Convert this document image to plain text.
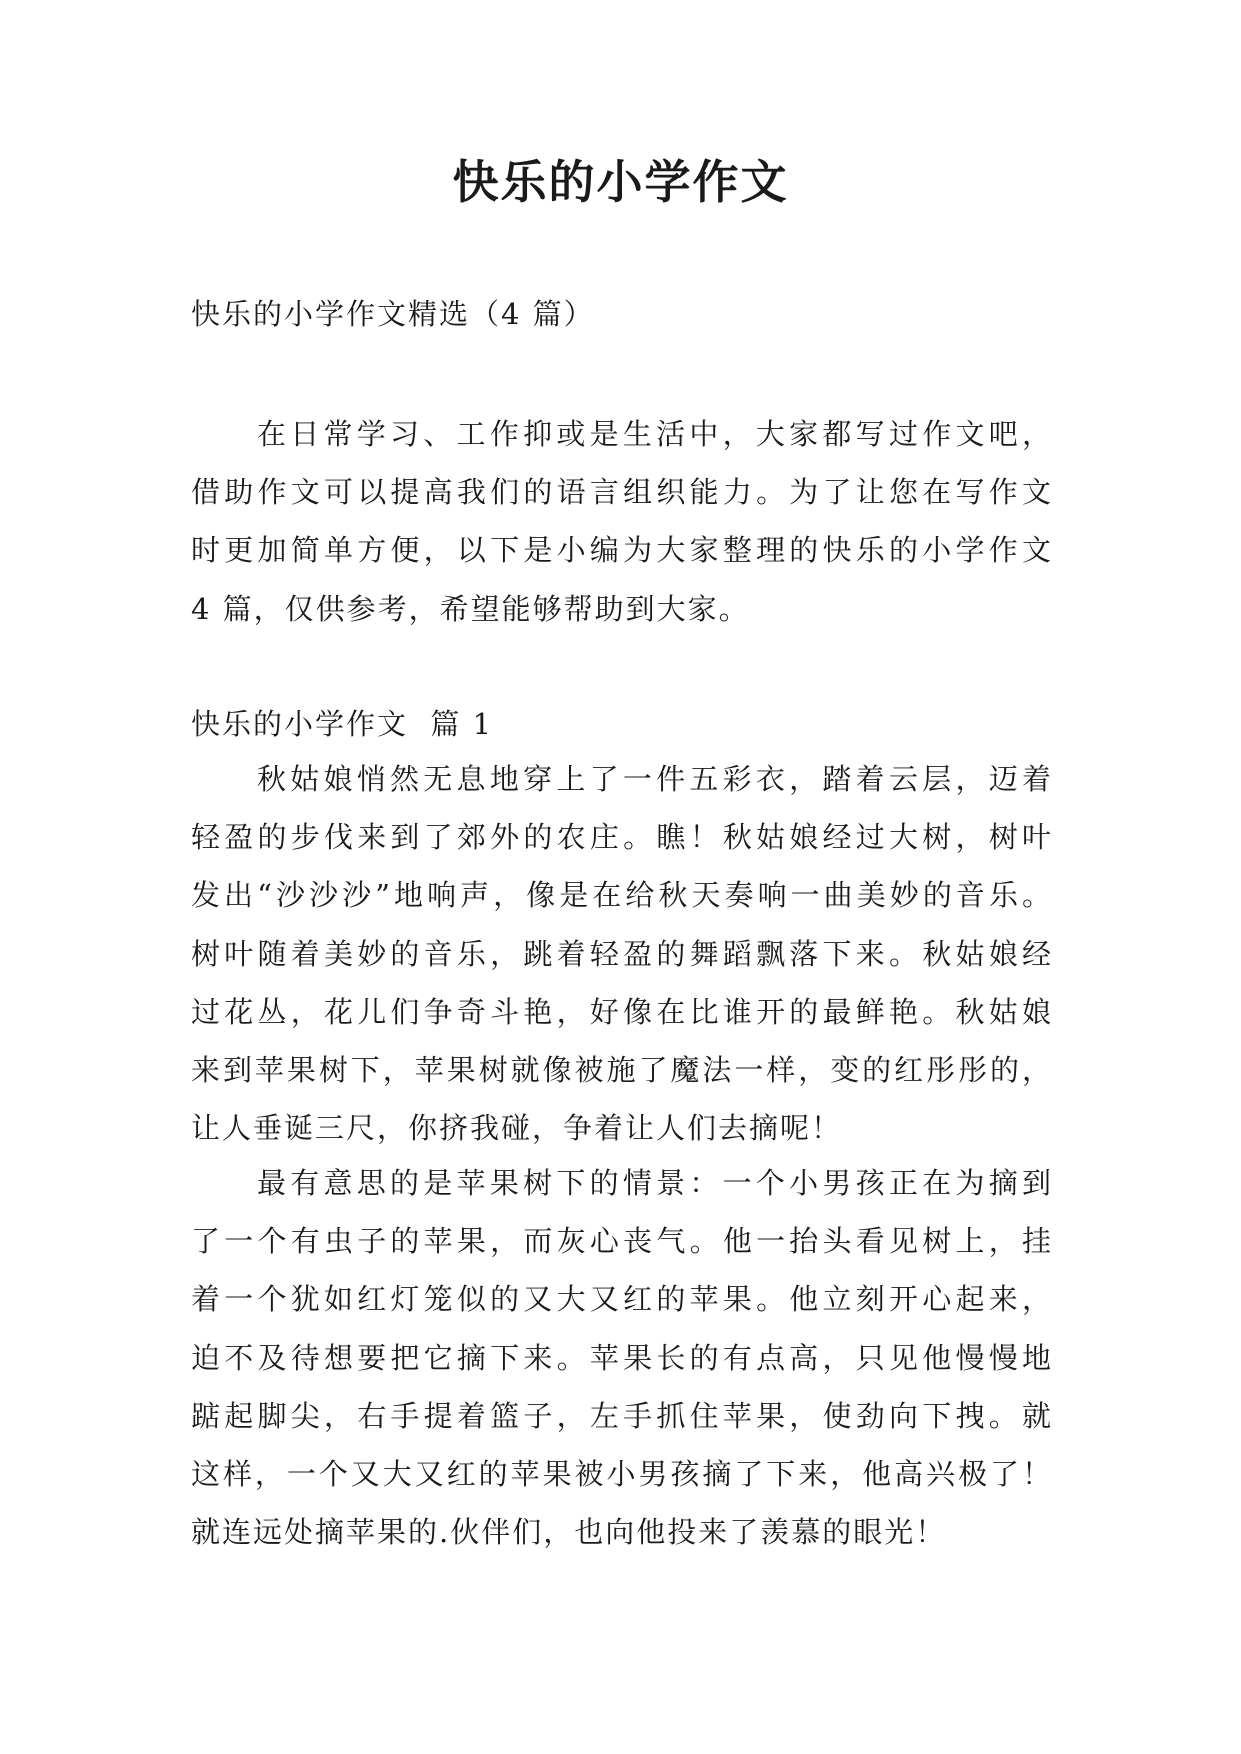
快乐的小学作文

快乐的小学作文精选（4 篇）

在日常学习、工作抑或是生活中，大家都写过作文吧，
借助作文可以提高我们的语言组织能力。为了让您在写作文
时更加简单方便，以下是小编为大家整理的快乐的小学作文
4 篇，仅供参考，希望能够帮助到大家。

快乐的小学作文  篇 1

秋姑娘悄然无息地穿上了一件五彩衣，踏着云层，迈着
轻盈的步伐来到了郊外的农庄。瞧！秋姑娘经过大树，树叶
发出“沙沙沙”地响声，像是在给秋天奏响一曲美妙的音乐。
树叶随着美妙的音乐，跳着轻盈的舞蹈飘落下来。秋姑娘经
过花丛，花儿们争奇斗艳，好像在比谁开的最鲜艳。秋姑娘
来到苹果树下，苹果树就像被施了魔法一样，变的红彤彤的，
让人垂诞三尺，你挤我碰，争着让人们去摘呢！
最有意思的是苹果树下的情景：一个小男孩正在为摘到
了一个有虫子的苹果，而灰心丧气。他一抬头看见树上，挂
着一个犹如红灯笼似的又大又红的苹果。他立刻开心起来，
迫不及待想要把它摘下来。苹果长的有点高，只见他慢慢地
踮起脚尖，右手提着篮子，左手抓住苹果，使劲向下拽。就
这样，一个又大又红的苹果被小男孩摘了下来，他高兴极了！
就连远处摘苹果的.伙伴们，也向他投来了羡慕的眼光！
